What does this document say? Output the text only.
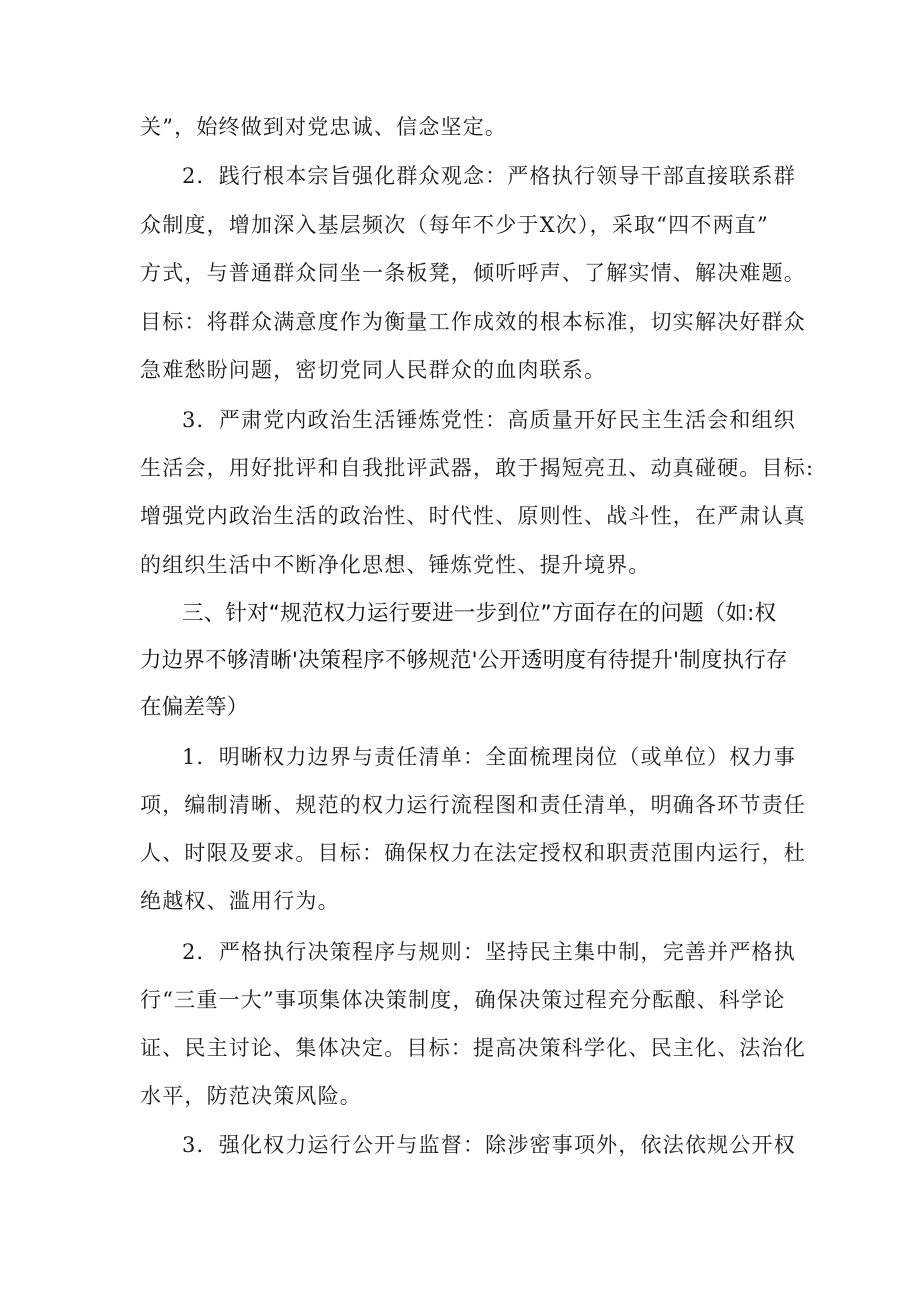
关”，始终做到对党忠诚、信念坚定。
2．践行根本宗旨强化群众观念：严格执行领导干部直接联系群
众制度，增加深入基层频次（每年不少于X次），采取“四不两直”
方式，与普通群众同坐一条板凳，倾听呼声、了解实情、解决难题。
目标：将群众满意度作为衡量工作成效的根本标准，切实解决好群众
急难愁盼问题，密切党同人民群众的血肉联系。
3．严肃党内政治生活锤炼党性：高质量开好民主生活会和组织
生活会，用好批评和自我批评武器，敢于揭短亮丑、动真碰硬。目标:
增强党内政治生活的政治性、时代性、原则性、战斗性，在严肃认真
的组织生活中不断净化思想、锤炼党性、提升境界。
三、针对“规范权力运行要进一步到位”方面存在的问题（如:权
力边界不够清晰'决策程序不够规范'公开透明度有待提升'制度执行存
在偏差等）
1．明晰权力边界与责任清单：全面梳理岗位（或单位）权力事
项，编制清晰、规范的权力运行流程图和责任清单，明确各环节责任
人、时限及要求。目标：确保权力在法定授权和职责范围内运行，杜
绝越权、滥用行为。
2．严格执行决策程序与规则：坚持民主集中制，完善并严格执
行“三重一大”事项集体决策制度，确保决策过程充分酝酿、科学论
证、民主讨论、集体决定。目标：提高决策科学化、民主化、法治化
水平，防范决策风险。
3．强化权力运行公开与监督：除涉密事项外，依法依规公开权
